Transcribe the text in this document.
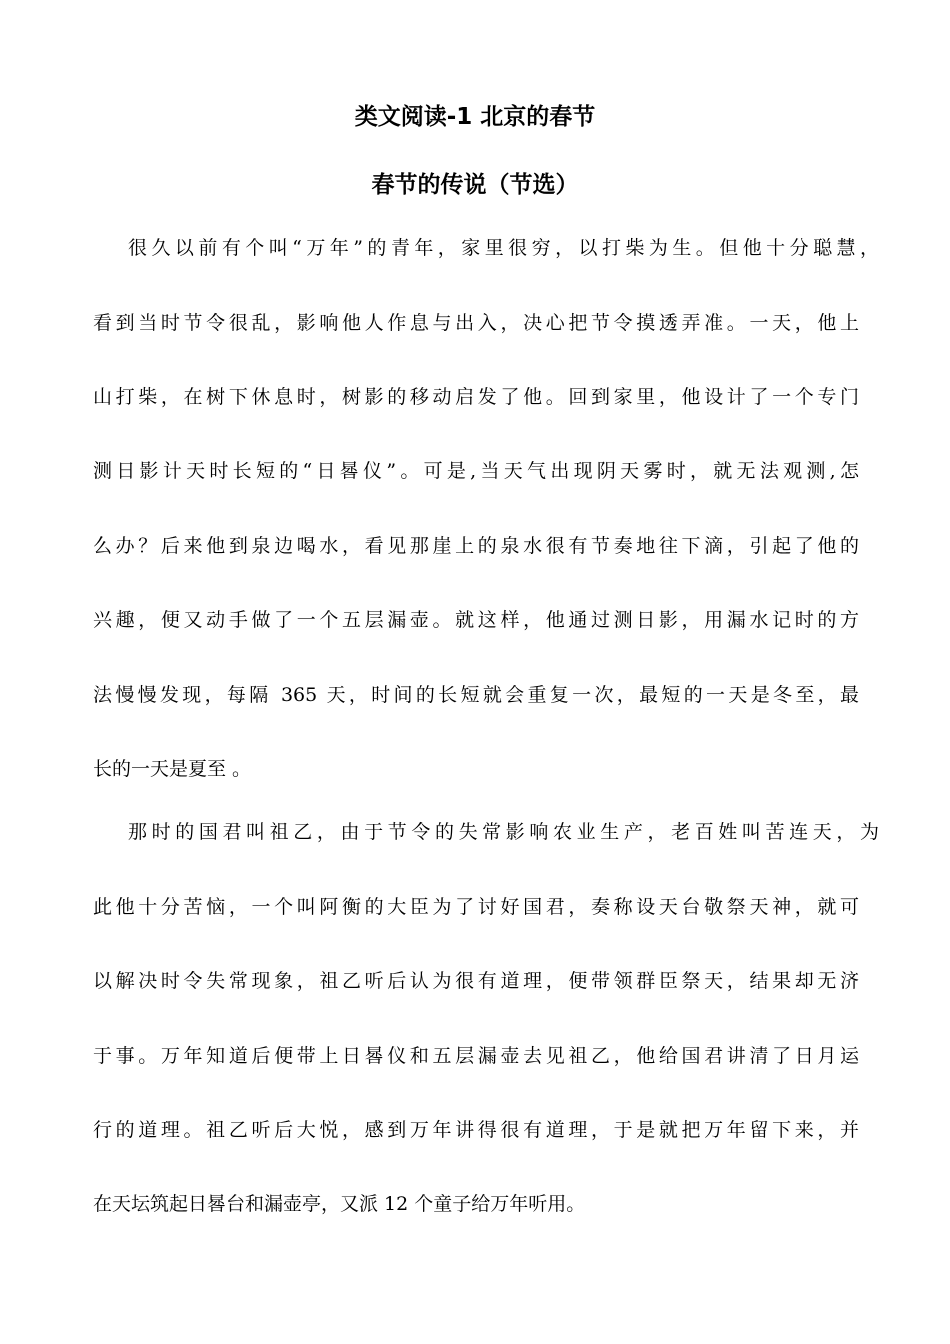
类文阅读-1 北京的春节
春节的传说（节选）
很久以前有个叫“万年”的青年，家里很穷，以打柴为生。但他十分聪慧，
看到当时节令很乱，影响他人作息与出入，决心把节令摸透弄准。一天，他上
山打柴，在树下休息时，树影的移动启发了他。回到家里，他设计了一个专门
测日影计天时长短的“日晷仪”。可是,当天气出现阴天雾时，就无法观测,怎
么办？后来他到泉边喝水，看见那崖上的泉水很有节奏地往下滴，引起了他的
兴趣，便又动手做了一个五层漏壶。就这样，他通过测日影，用漏水记时的方
法慢慢发现，每隔 365 天，时间的长短就会重复一次，最短的一天是冬至，最
长的一天是夏至 。
那时的国君叫祖乙，由于节令的失常影响农业生产，老百姓叫苦连天，为
此他十分苦恼，一个叫阿衡的大臣为了讨好国君，奏称设天台敬祭天神，就可
以解决时令失常现象，祖乙听后认为很有道理，便带领群臣祭天，结果却无济
于事。万年知道后便带上日晷仪和五层漏壶去见祖乙，他给国君讲清了日月运
行的道理。祖乙听后大悦，感到万年讲得很有道理，于是就把万年留下来，并
在天坛筑起日晷台和漏壶亭，又派 12 个童子给万年听用。
